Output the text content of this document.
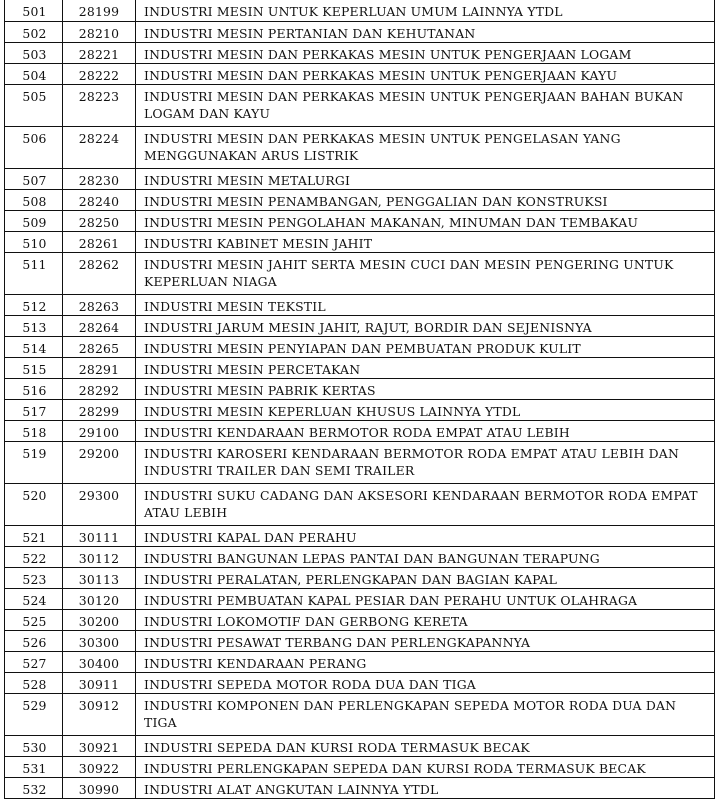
501	28199	INDUSTRI MESIN UNTUK KEPERLUAN UMUM LAINNYA YTDL
502	28210	INDUSTRI MESIN PERTANIAN DAN KEHUTANAN
503	28221	INDUSTRI MESIN DAN PERKAKAS MESIN UNTUK PENGERJAAN LOGAM
504	28222	INDUSTRI MESIN DAN PERKAKAS MESIN UNTUK PENGERJAAN KAYU
505	28223	INDUSTRI MESIN DAN PERKAKAS MESIN UNTUK PENGERJAAN BAHAN BUKAN LOGAM DAN KAYU
506	28224	INDUSTRI MESIN DAN PERKAKAS MESIN UNTUK PENGELASAN YANG MENGGUNAKAN ARUS LISTRIK
507	28230	INDUSTRI MESIN METALURGI
508	28240	INDUSTRI MESIN PENAMBANGAN, PENGGALIAN DAN KONSTRUKSI
509	28250	INDUSTRI MESIN PENGOLAHAN MAKANAN, MINUMAN DAN TEMBAKAU
510	28261	INDUSTRI KABINET MESIN JAHIT
511	28262	INDUSTRI MESIN JAHIT SERTA MESIN CUCI DAN MESIN PENGERING UNTUK KEPERLUAN NIAGA
512	28263	INDUSTRI MESIN TEKSTIL
513	28264	INDUSTRI JARUM MESIN JAHIT, RAJUT, BORDIR DAN SEJENISNYA
514	28265	INDUSTRI MESIN PENYIAPAN DAN PEMBUATAN PRODUK KULIT
515	28291	INDUSTRI MESIN PERCETAKAN
516	28292	INDUSTRI MESIN PABRIK KERTAS
517	28299	INDUSTRI MESIN KEPERLUAN KHUSUS LAINNYA YTDL
518	29100	INDUSTRI KENDARAAN BERMOTOR RODA EMPAT ATAU LEBIH
519	29200	INDUSTRI KAROSERI KENDARAAN BERMOTOR RODA EMPAT ATAU LEBIH DAN INDUSTRI TRAILER DAN SEMI TRAILER
520	29300	INDUSTRI SUKU CADANG DAN AKSESORI KENDARAAN BERMOTOR RODA EMPAT ATAU LEBIH
521	30111	INDUSTRI KAPAL DAN PERAHU
522	30112	INDUSTRI BANGUNAN LEPAS PANTAI DAN BANGUNAN TERAPUNG
523	30113	INDUSTRI PERALATAN, PERLENGKAPAN DAN BAGIAN KAPAL
524	30120	INDUSTRI PEMBUATAN KAPAL PESIAR DAN PERAHU UNTUK OLAHRAGA
525	30200	INDUSTRI LOKOMOTIF DAN GERBONG KERETA
526	30300	INDUSTRI PESAWAT TERBANG DAN PERLENGKAPANNYA
527	30400	INDUSTRI KENDARAAN PERANG
528	30911	INDUSTRI SEPEDA MOTOR RODA DUA DAN TIGA
529	30912	INDUSTRI KOMPONEN DAN PERLENGKAPAN SEPEDA MOTOR RODA DUA DAN TIGA
530	30921	INDUSTRI SEPEDA DAN KURSI RODA TERMASUK BECAK
531	30922	INDUSTRI PERLENGKAPAN SEPEDA DAN KURSI RODA TERMASUK BECAK
532	30990	INDUSTRI ALAT ANGKUTAN LAINNYA YTDL
